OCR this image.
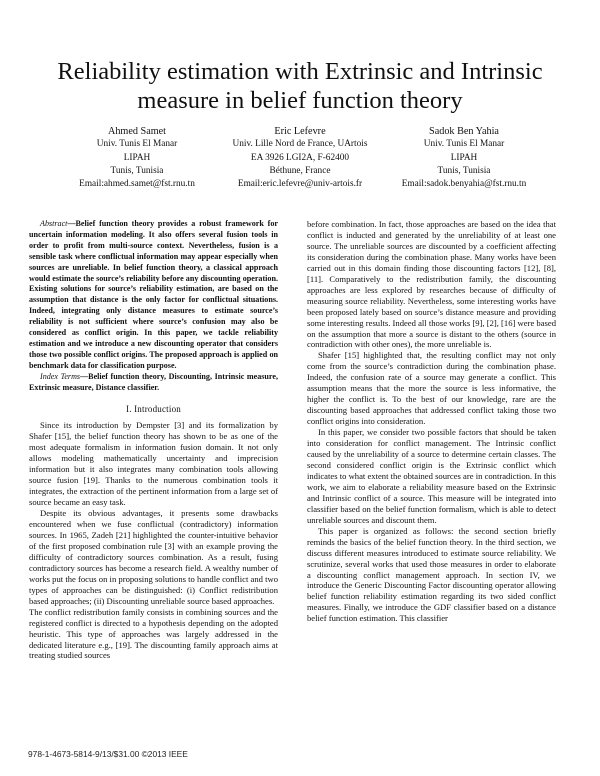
Reliability estimation with Extrinsic and Intrinsic measure in belief function theory
Ahmed Samet
Univ. Tunis El Manar
LIPAH
Tunis, Tunisia
Email:ahmed.samet@fst.rnu.tn
Eric Lefevre
Univ. Lille Nord de France, UArtois
EA 3926 LGI2A, F-62400
Béthune, France
Email:eric.lefevre@univ-artois.fr
Sadok Ben Yahia
Univ. Tunis El Manar
LIPAH
Tunis, Tunisia
Email:sadok.benyahia@fst.rnu.tn

Abstract—Belief function theory provides a robust framework for uncertain information modeling. It also offers several fusion tools in order to profit from multi-source context. Nevertheless, fusion is a sensible task where conflictual information may appear especially when sources are unreliable. In belief function theory, a classical approach would estimate the source’s reliability before any discounting operation. Existing solutions for source’s reliability estimation, are based on the assumption that distance is the only factor for conflictual situations. Indeed, integrating only distance measures to estimate source’s reliability is not sufficient where source’s confusion may also be considered as conflict origin. In this paper, we tackle reliability estimation and we introduce a new discounting operator that considers those two possible conflict origins. The proposed approach is applied on benchmark data for classification purpose.

Index Terms—Belief function theory, Discounting, Intrinsic measure, Extrinsic measure, Distance classifier.

I. Introduction

Since its introduction by Dempster [3] and its formalization by Shafer [15], the belief function theory has shown to be as one of the most adequate formalism in information fusion domain. It not only allows modeling mathematically uncertainty and imprecision information but it also integrates many combination tools allowing source fusion [19]. Thanks to the numerous combination tools it integrates, the extraction of the pertinent information from a large set of source became an easy task.

Despite its obvious advantages, it presents some drawbacks encountered when we fuse conflictual (contradictory) information sources. In 1965, Zadeh [21] highlighted the counter-intuitive behavior of the first proposed combination rule [3] with an example proving the difficulty of contradictory sources combination. As a result, fusing contradictory sources has become a research field. A wealthy number of works put the focus on in proposing solutions to handle conflict and two types of approaches can be distinguished: (i) Conflict redistribution based approaches; (ii) Discounting unreliable source based approaches.

The conflict redistribution family consists in combining sources and the registered conflict is directed to a hypothesis depending on the adopted heuristic. This type of approaches was largely addressed in the dedicated literature e.g., [19]. The discounting family approach aims at treating studied sources

before combination. In fact, those approaches are based on the idea that conflict is inducted and generated by the unreliability of at least one source. The unreliable sources are discounted by a coefficient affecting its consideration during the combination phase. Many works have been carried out in this domain finding those discounting factors [12], [8], [11]. Comparatively to the redistribution family, the discounting approaches are less explored by researches because of difficulty of measuring source reliability. Nevertheless, some interesting works have been proposed lately based on source’s distance measure and providing some interesting results. Indeed all those works [9], [2], [16] were based on the assumption that more a source is distant to the others (source in contradiction with other ones), the more unreliable is.

Shafer [15] highlighted that, the resulting conflict may not only come from the source’s contradiction during the combination phase. Indeed, the confusion rate of a source may generate a conflict. This assumption means that the more the source is less informative, the higher the conflict is. To the best of our knowledge, rare are the discounting based approaches that addressed conflict taking those two conflict origins into consideration.

In this paper, we consider two possible factors that should be taken into consideration for conflict management. The Intrinsic conflict caused by the unreliability of a source to determine certain classes. The second considered conflict origin is the Extrinsic conflict which indicates to what extent the obtained sources are in contradiction. In this work, we aim to elaborate a reliability measure based on the Extrinsic and Intrinsic conflict of a source. This measure will be integrated into classifier based on the belief function formalism, which is able to detect unreliable sources and discount them.

This paper is organized as follows: the second section briefly reminds the basics of the belief function theory. In the third section, we discuss different measures introduced to estimate source reliability. We scrutinize, several works that used those measures in order to elaborate a discounting conflict management approach. In section IV, we introduce the Generic Discounting Factor discounting operator allowing belief function reliability estimation regarding its two sided conflict measures. Finally, we introduce the GDF classifier based on a distance belief function estimation. This classifier

978-1-4673-5814-9/13/$31.00 ©2013 IEEE
